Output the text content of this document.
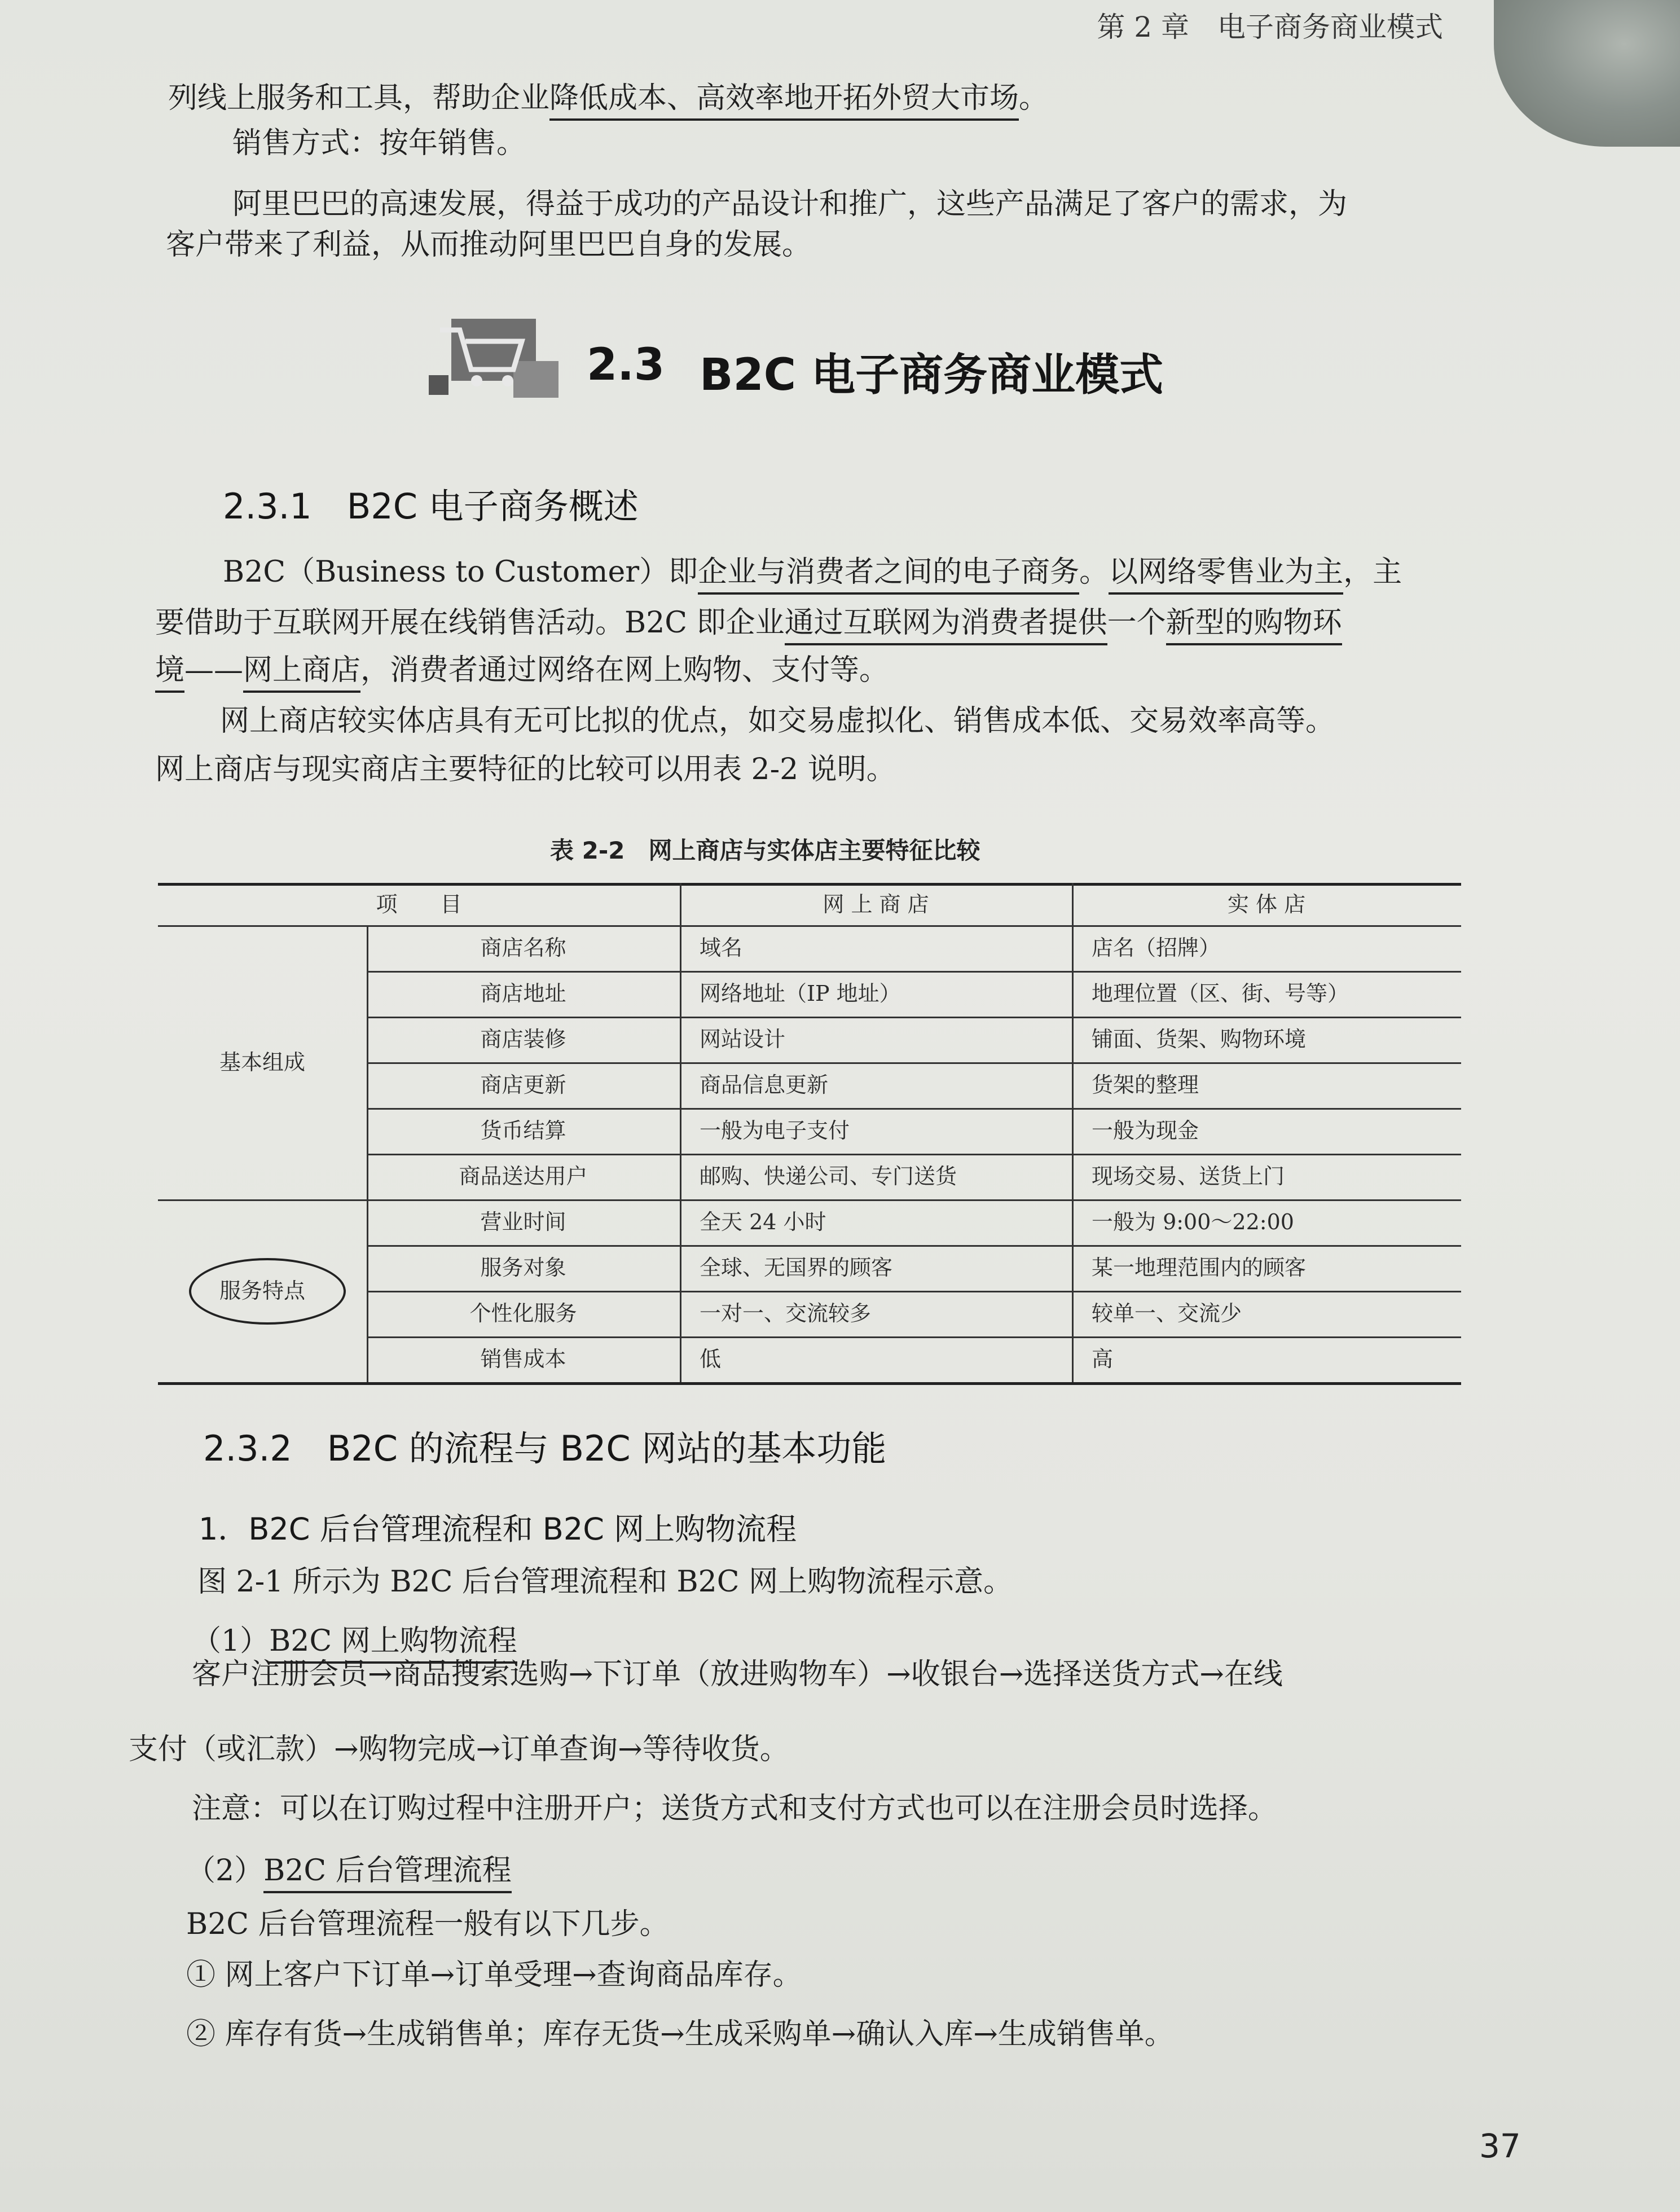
第 2 章 电子商务商业模式
列线上服务和工具，帮助企业降低成本、高效率地开拓外贸大市场。
销售方式：按年销售。
阿里巴巴的高速发展，得益于成功的产品设计和推广，这些产品满足了客户的需求，为
客户带来了利益，从而推动阿里巴巴自身的发展。
2.3 B2C 电子商务商业模式
2.3.1　B2C 电子商务概述
B2C（Business to Customer）即企业与消费者之间的电子商务。以网络零售业为主，主
要借助于互联网开展在线销售活动。B2C 即企业通过互联网为消费者提供一个新型的购物环
境——网上商店，消费者通过网络在网上购物、支付等。
网上商店较实体店具有无可比拟的优点，如交易虚拟化、销售成本低、交易效率高等。
网上商店与现实商店主要特征的比较可以用表 2-2 说明。
表 2-2　网上商店与实体店主要特征比较
2.3.2　B2C 的流程与 B2C 网站的基本功能
1．B2C 后台管理流程和 B2C 网上购物流程
图 2-1 所示为 B2C 后台管理流程和 B2C 网上购物流程示意。
（1）B2C 网上购物流程
客户注册会员→商品搜索选购→下订单（放进购物车）→收银台→选择送货方式→在线
支付（或汇款）→购物完成→订单查询→等待收货。
注意：可以在订购过程中注册开户；送货方式和支付方式也可以在注册会员时选择。
（2）B2C 后台管理流程
B2C 后台管理流程一般有以下几步。
① 网上客户下订单→订单受理→查询商品库存。
② 库存有货→生成销售单；库存无货→生成采购单→确认入库→生成销售单。
37
项　　目	网 上 商 店	实 体 店
基本组成
商店名称	域名	店名（招牌）
商店地址	网络地址（IP 地址）	地理位置（区、街、号等）
商店装修	网站设计	铺面、货架、购物环境
商店更新	商品信息更新	货架的整理
货币结算	一般为电子支付	一般为现金
商品送达用户	邮购、快递公司、专门送货	现场交易、送货上门
服务特点
营业时间	全天 24 小时	一般为 9:00～22:00
服务对象	全球、无国界的顾客	某一地理范围内的顾客
个性化服务	一对一、交流较多	较单一、交流少
销售成本	低	高
